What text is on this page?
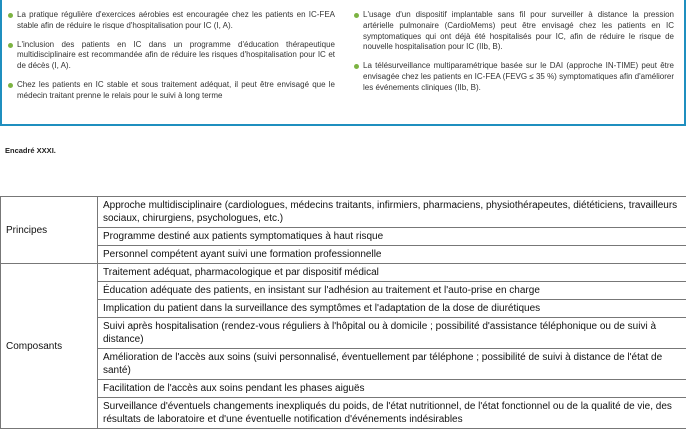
La pratique régulière d'exercices aérobies est encouragée chez les patients en IC-FEA stable afin de réduire le risque d'hospitalisation pour IC (I, A).
L'inclusion des patients en IC dans un programme d'éducation thérapeutique multidisciplinaire est recommandée afin de réduire les risques d'hospitalisation pour IC et de décès (I, A).
Chez les patients en IC stable et sous traitement adéquat, il peut être envisagé que le médecin traitant prenne le relais pour le suivi à long terme
L'usage d'un dispositif implantable sans fil pour surveiller à distance la pression artérielle pulmonaire (CardioMems) peut être envisagé chez les patients en IC symptomatiques qui ont déjà été hospitalisés pour IC, afin de réduire le risque de nouvelle hospitalisation pour IC (IIb, B).
La télésurveillance multiparamétrique basée sur le DAI (approche IN-TIME) peut être envisagée chez les patients en IC-FEA (FEVG ≤ 35 %) symptomatiques afin d'améliorer les événements cliniques (IIb, B).
Encadré XXXI.
Principes	Approche multidisciplinaire (cardiologues, médecins traitants, infirmiers, pharmaciens, physiothérapeutes, diététiciens, travailleurs sociaux, chirurgiens, psychologues, etc.)
	Programme destiné aux patients symptomatiques à haut risque
	Personnel compétent ayant suivi une formation professionnelle
Composants	Traitement adéquat, pharmacologique et par dispositif médical
	Éducation adéquate des patients, en insistant sur l'adhésion au traitement et l'auto-prise en charge
	Implication du patient dans la surveillance des symptômes et l'adaptation de la dose de diurétiques
	Suivi après hospitalisation (rendez-vous réguliers à l'hôpital ou à domicile ; possibilité d'assistance téléphonique ou de suivi à distance)
	Amélioration de l'accès aux soins (suivi personnalisé, éventuellement par téléphone ; possibilité de suivi à distance de l'état de santé)
	Facilitation de l'accès aux soins pendant les phases aiguës
	Surveillance d'éventuels changements inexpliqués du poids, de l'état nutritionnel, de l'état fonctionnel ou de la qualité de vie, des résultats de laboratoire et d'une éventuelle notification d'événements indésirables
